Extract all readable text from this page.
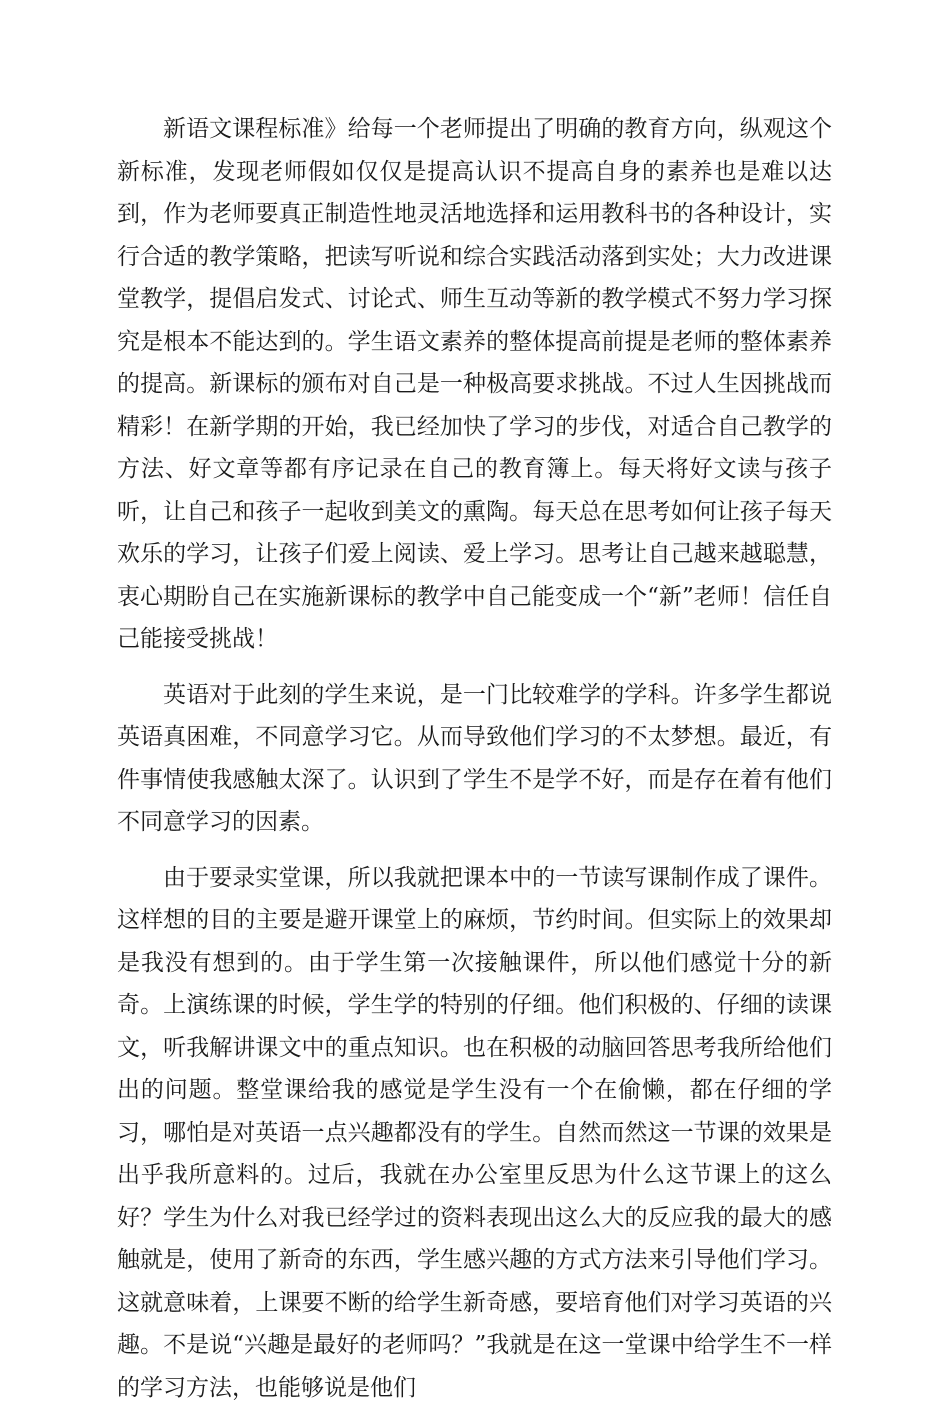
新语文课程标准》给每一个老师提出了明确的教育方向，纵观这个新标准，发现老师假如仅仅是提高认识不提高自身的素养也是难以达到，作为老师要真正制造性地灵活地选择和运用教科书的各种设计，实行合适的教学策略，把读写听说和综合实践活动落到实处；大力改进课堂教学，提倡启发式、讨论式、师生互动等新的教学模式不努力学习探究是根本不能达到的。学生语文素养的整体提高前提是老师的整体素养的提高。新课标的颁布对自己是一种极高要求挑战。不过人生因挑战而精彩！在新学期的开始，我已经加快了学习的步伐，对适合自己教学的方法、好文章等都有序记录在自己的教育簿上。每天将好文读与孩子听，让自己和孩子一起收到美文的熏陶。每天总在思考如何让孩子每天欢乐的学习，让孩子们爱上阅读、爱上学习。思考让自己越来越聪慧，衷心期盼自己在实施新课标的教学中自己能变成一个“新”老师！信任自己能接受挑战！

英语对于此刻的学生来说，是一门比较难学的学科。许多学生都说英语真困难，不同意学习它。从而导致他们学习的不太梦想。最近，有件事情使我感触太深了。认识到了学生不是学不好，而是存在着有他们不同意学习的因素。

由于要录实堂课，所以我就把课本中的一节读写课制作成了课件。这样想的目的主要是避开课堂上的麻烦，节约时间。但实际上的效果却是我没有想到的。由于学生第一次接触课件，所以他们感觉十分的新奇。上演练课的时候，学生学的特别的仔细。他们积极的、仔细的读课文，听我解讲课文中的重点知识。也在积极的动脑回答思考我所给他们出的问题。整堂课给我的感觉是学生没有一个在偷懒，都在仔细的学习，哪怕是对英语一点兴趣都没有的学生。自然而然这一节课的效果是出乎我所意料的。过后，我就在办公室里反思为什么这节课上的这么好？学生为什么对我已经学过的资料表现出这么大的反应我的最大的感触就是，使用了新奇的东西，学生感兴趣的方式方法来引导他们学习。这就意味着，上课要不断的给学生新奇感，要培育他们对学习英语的兴趣。不是说“兴趣是最好的老师吗？”我就是在这一堂课中给学生不一样的学习方法，也能够说是他们
